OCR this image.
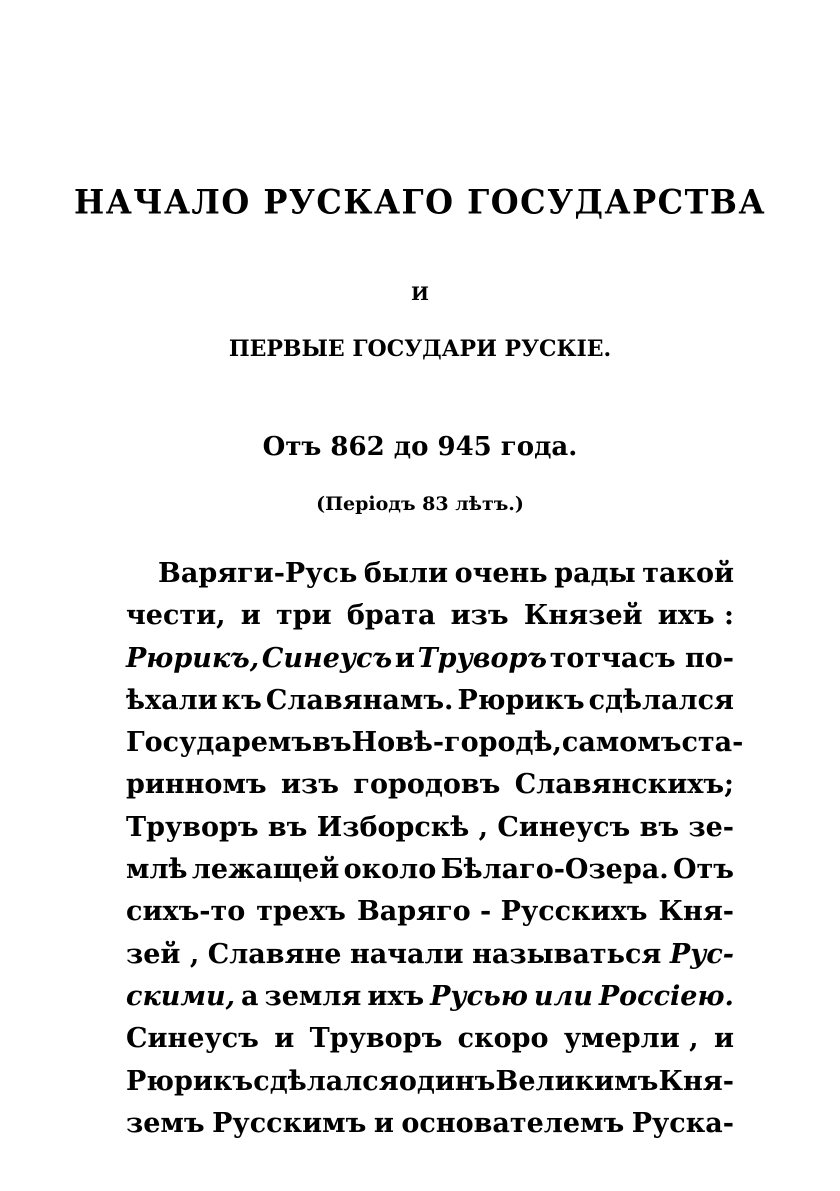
НАЧАЛО РУСКАГО ГОСУДАРСТВА
И
ПЕРВЫЕ ГОСУДАРИ РУСКІЕ.
Отъ 862 до 945 года.
(Періодъ 83 лѣтъ.)
Варяги-Русь были очень рады такой
чести, и три брата изъ Князей ихъ :
Рюрикъ, Синеусъ и Труворъ тотчасъ по-
ѣхали къ Славянамъ. Рюрикъ сдѣлался
Государемъ въ Новѣ-городѣ, самомъ ста-
ринномъ изъ городовъ Славянскихъ;
Труворъ въ Изборскѣ , Синеусъ въ зе-
млѣ лежащей около Бѣлаго-Озера. Отъ
сихъ-то трехъ Варяго - Русскихъ Кня-
зей , Славяне начали называться Рус-
скими, а земля ихъ Русью или Россіею.
Синеусъ и Труворъ скоро умерли , и
Рюрикъ сдѣлался одинъ Великимъ Кня-
земъ Русскимъ и основателемъ Руска-
